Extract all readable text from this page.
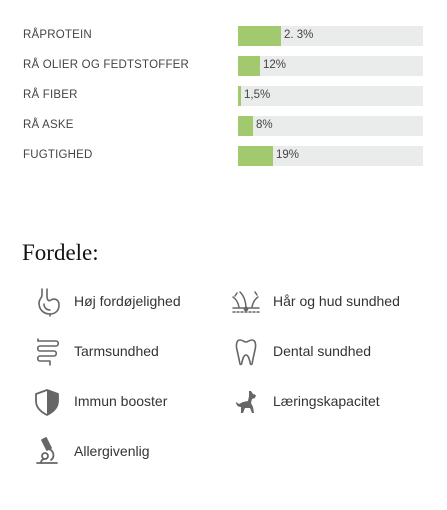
RÅPROTEIN	2. 3%
RÅ OLIER OG FEDTSTOFFER	12%
RÅ FIBER	1,5%
RÅ ASKE	8%
FUGTIGHED	19%
Fordele:
Høj fordøjelighed
Tarmsundhed
Immun booster
Allergivenlig
Hår og hud sundhed
Dental sundhed
Læringskapacitet
